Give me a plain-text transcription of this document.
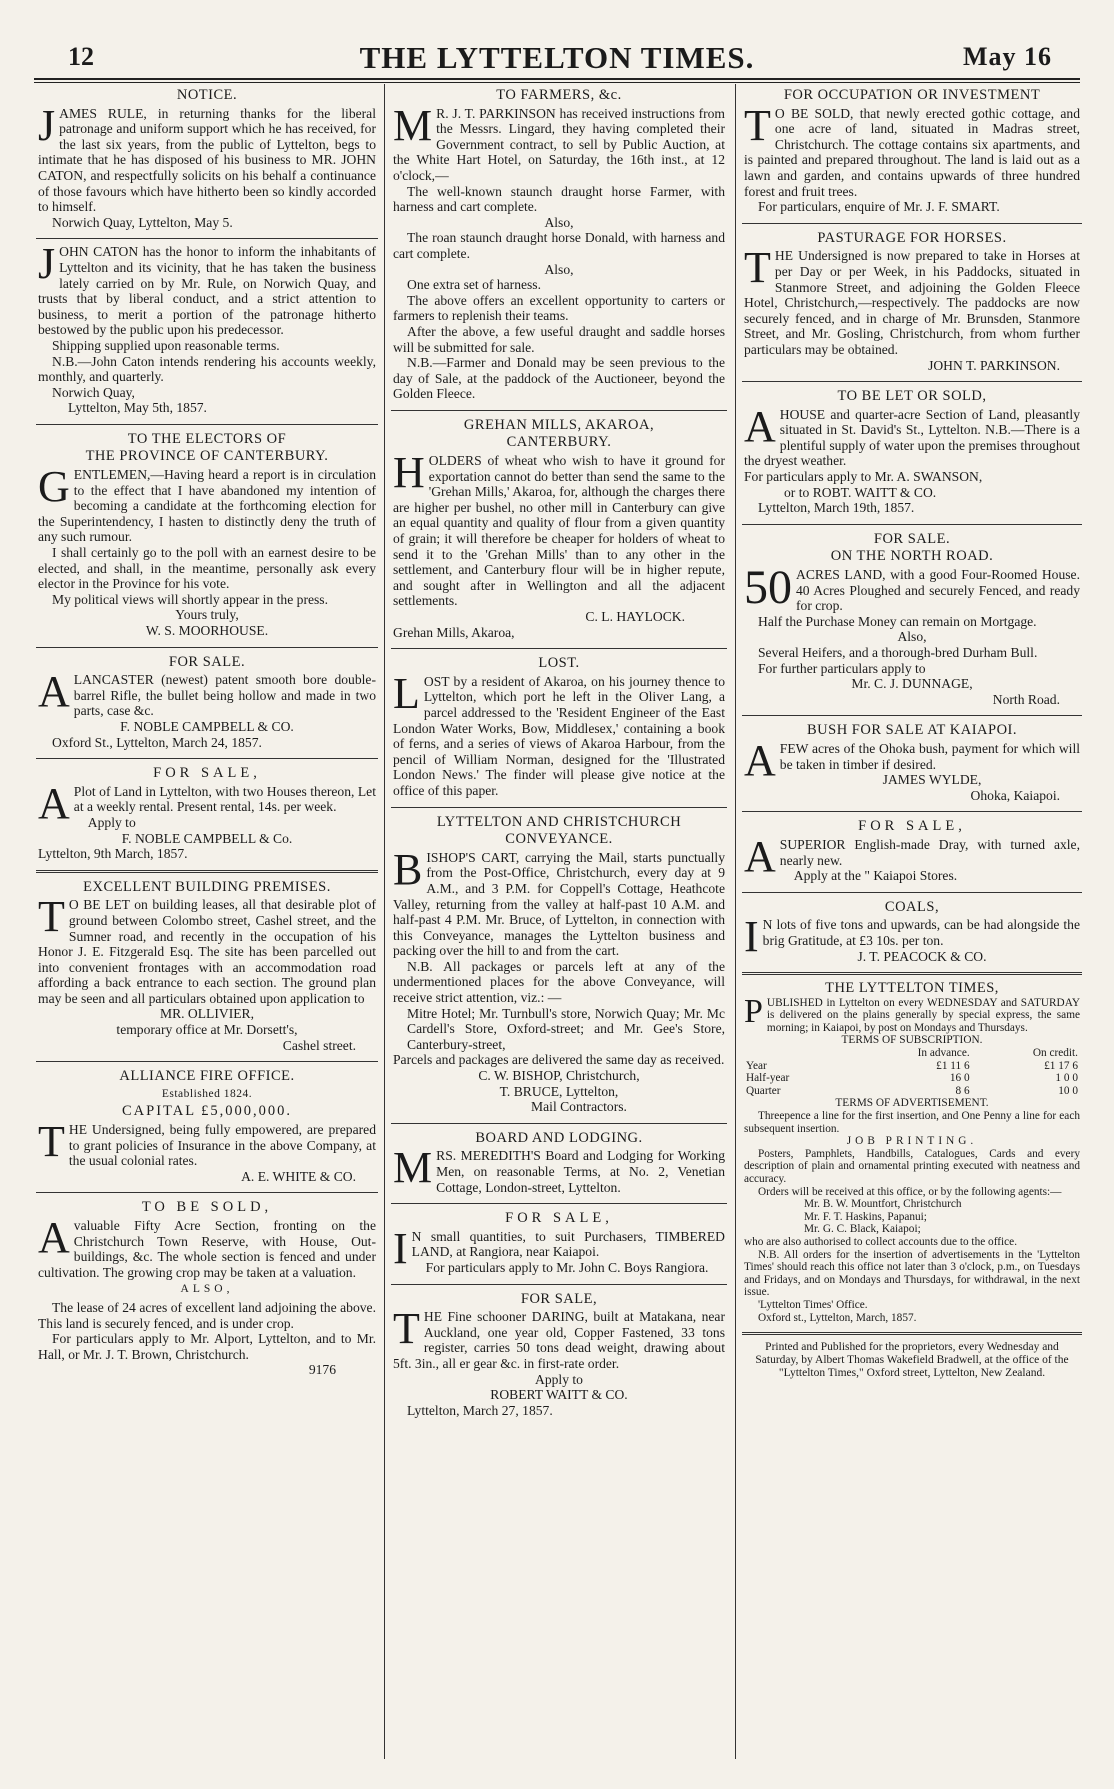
12	THE LYTTELTON TIMES.	May 16
NOTICE.

JAMES RULE, in returning thanks for the liberal patronage and uniform support which he has received, for the last six years, from the public of Lyttelton, begs to intimate that he has disposed of his business to MR. JOHN CATON, and respectfully solicits on his behalf a continuance of those favours which have hitherto been so kindly accorded to himself.

Norwich Quay, Lyttelton, May 5.

JOHN CATON has the honor to inform the inhabitants of Lyttelton and its vicinity, that he has taken the business lately carried on by Mr. Rule, on Norwich Quay, and trusts that by liberal conduct, and a strict attention to business, to merit a portion of the patronage hitherto bestowed by the public upon his predecessor.

Shipping supplied upon reasonable terms.

N.B.—John Caton intends rendering his accounts weekly, monthly, and quarterly.

Norwich Quay,

Lyttelton, May 5th, 1857.

TO THE ELECTORS OF
THE PROVINCE OF CANTERBURY.

GENTLEMEN,—Having heard a report is in circulation to the effect that I have abandoned my intention of becoming a candidate at the forthcoming election for the Superintendency, I hasten to distinctly deny the truth of any such rumour.

I shall certainly go to the poll with an earnest desire to be elected, and shall, in the meantime, personally ask every elector in the Province for his vote.

My political views will shortly appear in the press.

Yours truly,

W. S. MOORHOUSE.

FOR SALE.

ALANCASTER (newest) patent smooth bore double-barrel Rifle, the bullet being hollow and made in two parts, case &c.

F. NOBLE CAMPBELL & CO.

Oxford St., Lyttelton, March 24, 1857.

FOR SALE,

A Plot of Land in Lyttelton, with two Houses thereon, Let at a weekly rental. Present rental, 14s. per week.

Apply to

F. NOBLE CAMPBELL & Co.

Lyttelton, 9th March, 1857.

EXCELLENT BUILDING PREMISES.

T O BE LET on building leases, all that desirable plot of ground between Colombo street, Cashel street, and the Sumner road, and recently in the occupation of his Honor J. E. Fitzgerald Esq. The site has been parcelled out into convenient frontages with an accommodation road affording a back entrance to each section. The ground plan may be seen and all particulars obtained upon application to

MR. OLLIVIER,

temporary office at Mr. Dorsett's,

Cashel street.

ALLIANCE FIRE OFFICE.
Established 1824.
CAPITAL £5,000,000.

THE Undersigned, being fully empowered, are prepared to grant policies of Insurance in the above Company, at the usual colonial rates.

A. E. WHITE & CO.

TO BE SOLD,

Avaluable Fifty Acre Section, fronting on the Christchurch Town Reserve, with House, Out-buildings, &c. The whole section is fenced and under cultivation. The growing crop may be taken at a valuation.

ALSO,

The lease of 24 acres of excellent land adjoining the above. This land is securely fenced, and is under crop.

For particulars apply to Mr. Alport, Lyttelton, and to Mr. Hall, or Mr. J. T. Brown, Christchurch.

9176

TO FARMERS, &c.

M R. J. T. PARKINSON has received instructions from the Messrs. Lingard, they having completed their Government contract, to sell by Public Auction, at the White Hart Hotel, on Saturday, the 16th inst., at 12 o'clock,—

The well-known staunch draught horse Farmer, with harness and cart complete.

Also,

The roan staunch draught horse Donald, with harness and cart complete.

Also,

One extra set of harness.

The above offers an excellent opportunity to carters or farmers to replenish their teams.

After the above, a few useful draught and saddle horses will be submitted for sale.

N.B.—Farmer and Donald may be seen previous to the day of Sale, at the paddock of the Auctioneer, beyond the Golden Fleece.

GREHAN MILLS, AKAROA,
CANTERBURY.

HOLDERS of wheat who wish to have it ground for exportation cannot do better than send the same to the 'Grehan Mills,' Akaroa, for, although the charges there are higher per bushel, no other mill in Canterbury can give an equal quantity and quality of flour from a given quantity of grain; it will therefore be cheaper for holders of wheat to send it to the 'Grehan Mills' than to any other in the settlement, and Canterbury flour will be in higher repute, and sought after in Wellington and all the adjacent settlements.

C. L. HAYLOCK.

Grehan Mills, Akaroa,

LOST.

LOST by a resident of Akaroa, on his journey thence to Lyttelton, which port he left in the Oliver Lang, a parcel addressed to the 'Resident Engineer of the East London Water Works, Bow, Middlesex,' containing a book of ferns, and a series of views of Akaroa Harbour, from the pencil of William Norman, designed for the 'Illustrated London News.' The finder will please give notice at the office of this paper.

LYTTELTON AND CHRISTCHURCH
CONVEYANCE.

BISHOP'S CART, carrying the Mail, starts punctually from the Post-Office, Christchurch, every day at 9 A.M., and 3 P.M. for Coppell's Cottage, Heathcote Valley, returning from the valley at half-past 10 A.M. and half-past 4 P.M. Mr. Bruce, of Lyttelton, in connection with this Conveyance, manages the Lyttelton business and packing over the hill to and from the cart.

N.B. All packages or parcels left at any of the undermentioned places for the above Conveyance, will receive strict attention, viz.: —

Mitre Hotel; Mr. Turnbull's store, Norwich Quay; Mr. Mc Cardell's Store, Oxford-street; and Mr. Gee's Store, Canterbury-street,

Parcels and packages are delivered the same day as received.

C. W. BISHOP, Christchurch,

T. BRUCE, Lyttelton,

Mail Contractors.

BOARD AND LODGING.

MRS. MEREDITH'S Board and Lodging for Working Men, on reasonable Terms, at No. 2, Venetian Cottage, London-street, Lyttelton.

FOR SALE,

I N small quantities, to suit Purchasers, TIMBERED LAND, at Rangiora, near Kaiapoi.

For particulars apply to Mr. John C. Boys Rangiora.

FOR SALE,

THE Fine schooner DARING, built at Matakana, near Auckland, one year old, Copper Fastened, 33 tons register, carries 50 tons dead weight, drawing about 5ft. 3in., all er gear &c. in first-rate order.

Apply to

ROBERT WAITT & CO.

Lyttelton, March 27, 1857.

FOR OCCUPATION OR INVESTMENT

T O BE SOLD, that newly erected gothic cottage, and one acre of land, situated in Madras street, Christchurch. The cottage contains six apartments, and is painted and prepared throughout. The land is laid out as a lawn and garden, and contains upwards of three hundred forest and fruit trees.

For particulars, enquire of Mr. J. F. SMART.

PASTURAGE FOR HORSES.

THE Undersigned is now prepared to take in Horses at per Day or per Week, in his Paddocks, situated in Stanmore Street, and adjoining the Golden Fleece Hotel, Christchurch,—respectively. The paddocks are now securely fenced, and in charge of Mr. Brunsden, Stanmore Street, and Mr. Gosling, Christchurch, from whom further particulars may be obtained.

JOHN T. PARKINSON.

TO BE LET OR SOLD,

AHOUSE and quarter-acre Section of Land, pleasantly situated in St. David's St., Lyttelton. N.B.—There is a plentiful supply of water upon the premises throughout the dryest weather.

For particulars apply to Mr. A. SWANSON,

or to ROBT. WAITT & CO.

Lyttelton, March 19th, 1857.

FOR SALE.
ON THE NORTH ROAD.

50 ACRES LAND, with a good Four-Roomed House. 40 Acres Ploughed and securely Fenced, and ready for crop.

Half the Purchase Money can remain on Mortgage.

Also,

Several Heifers, and a thorough-bred Durham Bull.

For further particulars apply to

Mr. C. J. DUNNAGE,

North Road.

BUSH FOR SALE AT KAIAPOI.

AFEW acres of the Ohoka bush, payment for which will be taken in timber if desired.

JAMES WYLDE,

Ohoka, Kaiapoi.

FOR SALE,

ASUPERIOR English-made Dray, with turned axle, nearly new.

Apply at the " Kaiapoi Stores.

COALS,

I N lots of five tons and upwards, can be had alongside the brig Gratitude, at £3 10s. per ton.

J. T. PEACOCK & CO.

THE LYTTELTON TIMES,

PUBLISHED in Lyttelton on every WEDNESDAY and SATURDAY is delivered on the plains generally by special express, the same morning; in Kaiapoi, by post on Mondays and Thursdays.

TERMS OF SUBSCRIPTION.

	In advance.	On credit.
Year	£1 11 6	£1 17 6
Half-year	16 0	1 0 0
Quarter	8 6	10 0

TERMS OF ADVERTISEMENT.

Threepence a line for the first insertion, and One Penny a line for each subsequent insertion.

JOB PRINTING.

Posters, Pamphlets, Handbills, Catalogues, Cards and every description of plain and ornamental printing executed with neatness and accuracy.

Orders will be received at this office, or by the following agents:—

Mr. B. W. Mountfort, Christchurch

Mr. F. T. Haskins, Papanui;

Mr. G. C. Black, Kaiapoi;

who are also authorised to collect accounts due to the office.

N.B. All orders for the insertion of advertisements in the 'Lyttelton Times' should reach this office not later than 3 o'clock, p.m., on Tuesdays and Fridays, and on Mondays and Thursdays, for withdrawal, in the next issue.

'Lyttelton Times' Office.

Oxford st., Lyttelton, March, 1857.

Printed and Published for the proprietors, every Wednesday and Saturday, by Albert Thomas Wakefield Bradwell, at the office of the "Lyttelton Times," Oxford street, Lyttelton, New Zealand.
